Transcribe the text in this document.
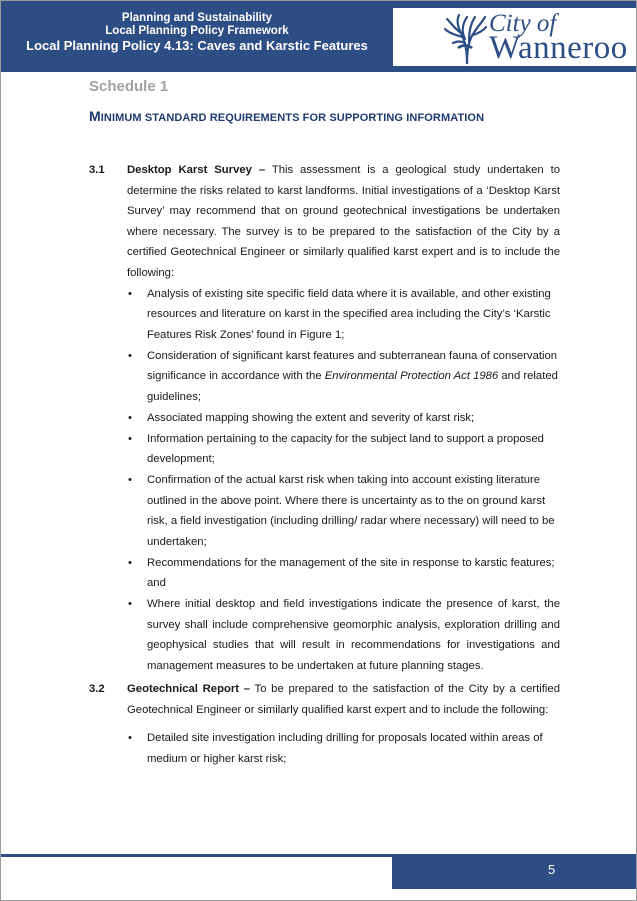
Planning and Sustainability
Local Planning Policy Framework
Local Planning Policy 4.13: Caves and Karstic Features
City of
Wanneroo
Schedule 1
MINIMUM STANDARD REQUIREMENTS FOR SUPPORTING INFORMATION
3.1 Desktop Karst Survey – This assessment is a geological study undertaken to determine the risks related to karst landforms. Initial investigations of a ‘Desktop Karst Survey’ may recommend that on ground geotechnical investigations be undertaken where necessary. The survey is to be prepared to the satisfaction of the City by a certified Geotechnical Engineer or similarly qualified karst expert and is to include the following:
• Analysis of existing site specific field data where it is available, and other existing resources and literature on karst in the specified area including the City’s ‘Karstic Features Risk Zones’ found in Figure 1;
• Consideration of significant karst features and subterranean fauna of conservation significance in accordance with the Environmental Protection Act 1986 and related guidelines;
• Associated mapping showing the extent and severity of karst risk;
• Information pertaining to the capacity for the subject land to support a proposed development;
• Confirmation of the actual karst risk when taking into account existing literature outlined in the above point. Where there is uncertainty as to the on ground karst risk, a field investigation (including drilling/ radar where necessary) will need to be undertaken;
• Recommendations for the management of the site in response to karstic features; and
• Where initial desktop and field investigations indicate the presence of karst, the survey shall include comprehensive geomorphic analysis, exploration drilling and geophysical studies that will result in recommendations for investigations and management measures to be undertaken at future planning stages.
3.2 Geotechnical Report – To be prepared to the satisfaction of the City by a certified Geotechnical Engineer or similarly qualified karst expert and to include the following:
• Detailed site investigation including drilling for proposals located within areas of medium or higher karst risk;
5
